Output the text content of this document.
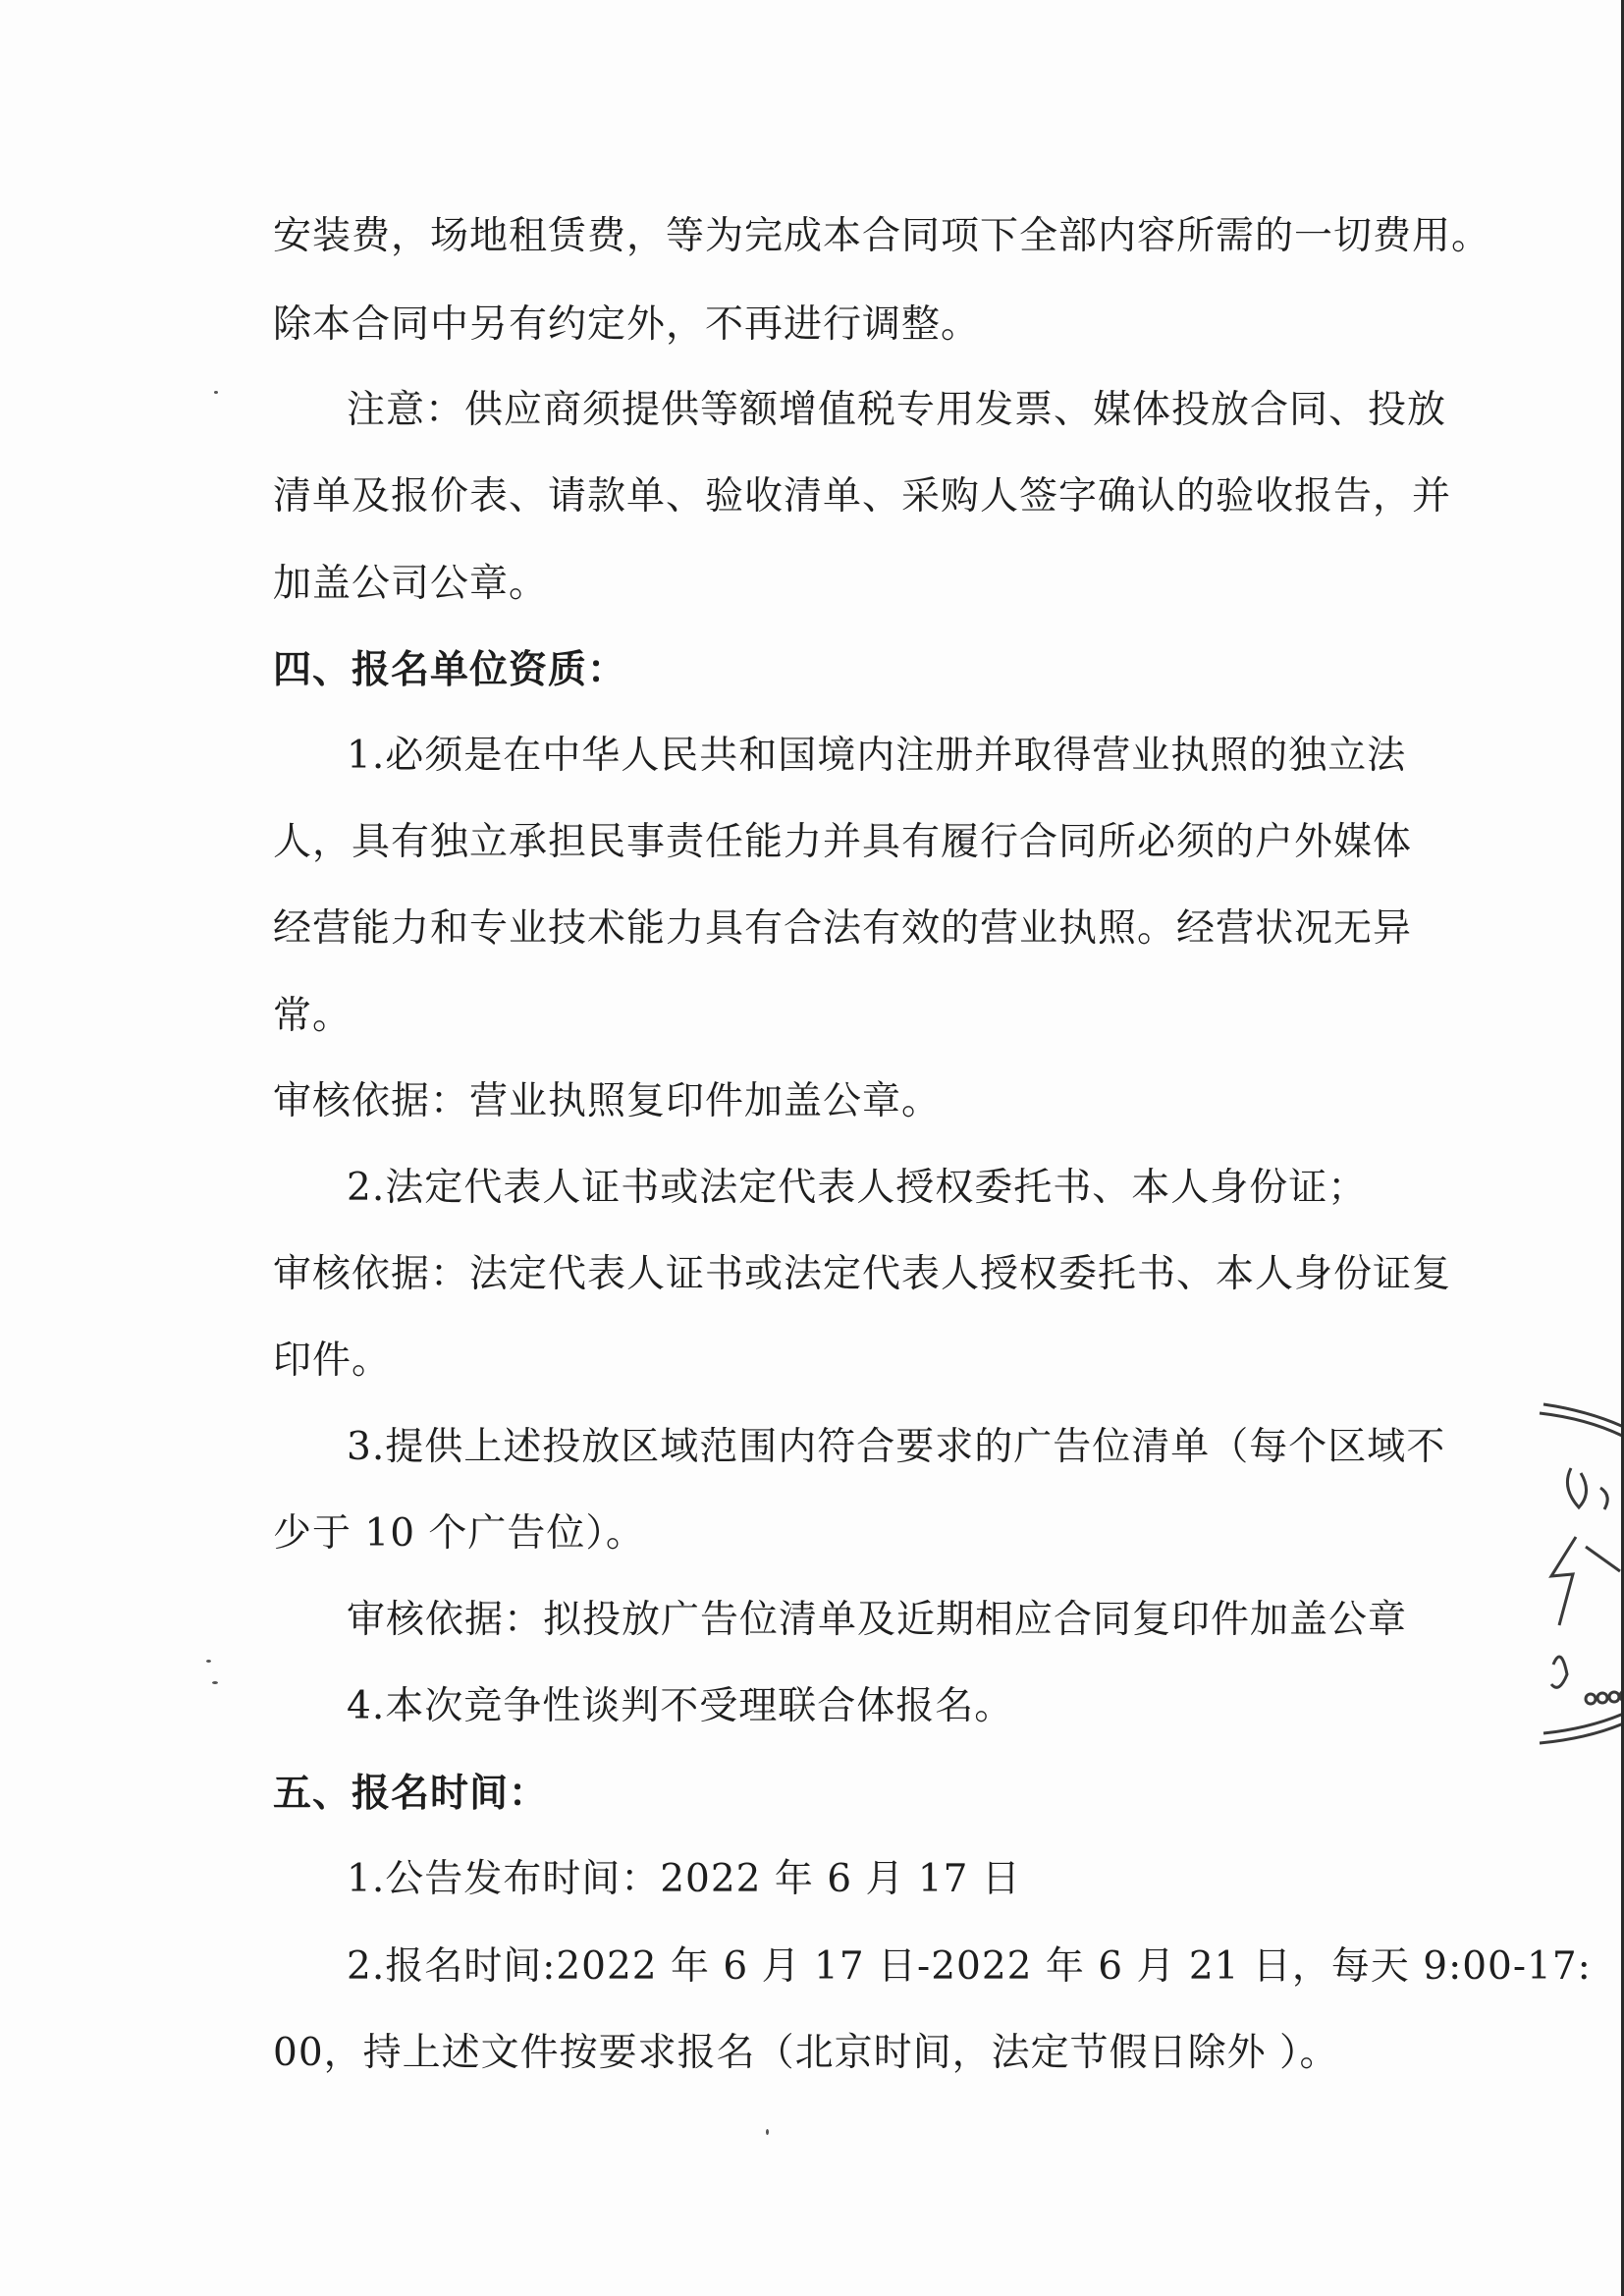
安装费，场地租赁费，等为完成本合同项下全部内容所需的一切费用。
除本合同中另有约定外，不再进行调整。
注意：供应商须提供等额增值税专用发票、媒体投放合同、投放
清单及报价表、请款单、验收清单、采购人签字确认的验收报告，并
加盖公司公章。
四、报名单位资质：
1.必须是在中华人民共和国境内注册并取得营业执照的独立法
人，具有独立承担民事责任能力并具有履行合同所必须的户外媒体
经营能力和专业技术能力具有合法有效的营业执照。经营状况无异
常。
审核依据：营业执照复印件加盖公章。
2.法定代表人证书或法定代表人授权委托书、本人身份证；
审核依据：法定代表人证书或法定代表人授权委托书、本人身份证复
印件。
3.提供上述投放区域范围内符合要求的广告位清单（每个区域不
少于 10 个广告位）。
审核依据：拟投放广告位清单及近期相应合同复印件加盖公章
4.本次竞争性谈判不受理联合体报名。
五、报名时间：
1.公告发布时间：2022 年 6 月 17 日
2.报名时间:2022 年 6 月 17 日-2022 年 6 月 21 日，每天 9:00-17:
00，持上述文件按要求报名（北京时间，法定节假日除外 ）。
